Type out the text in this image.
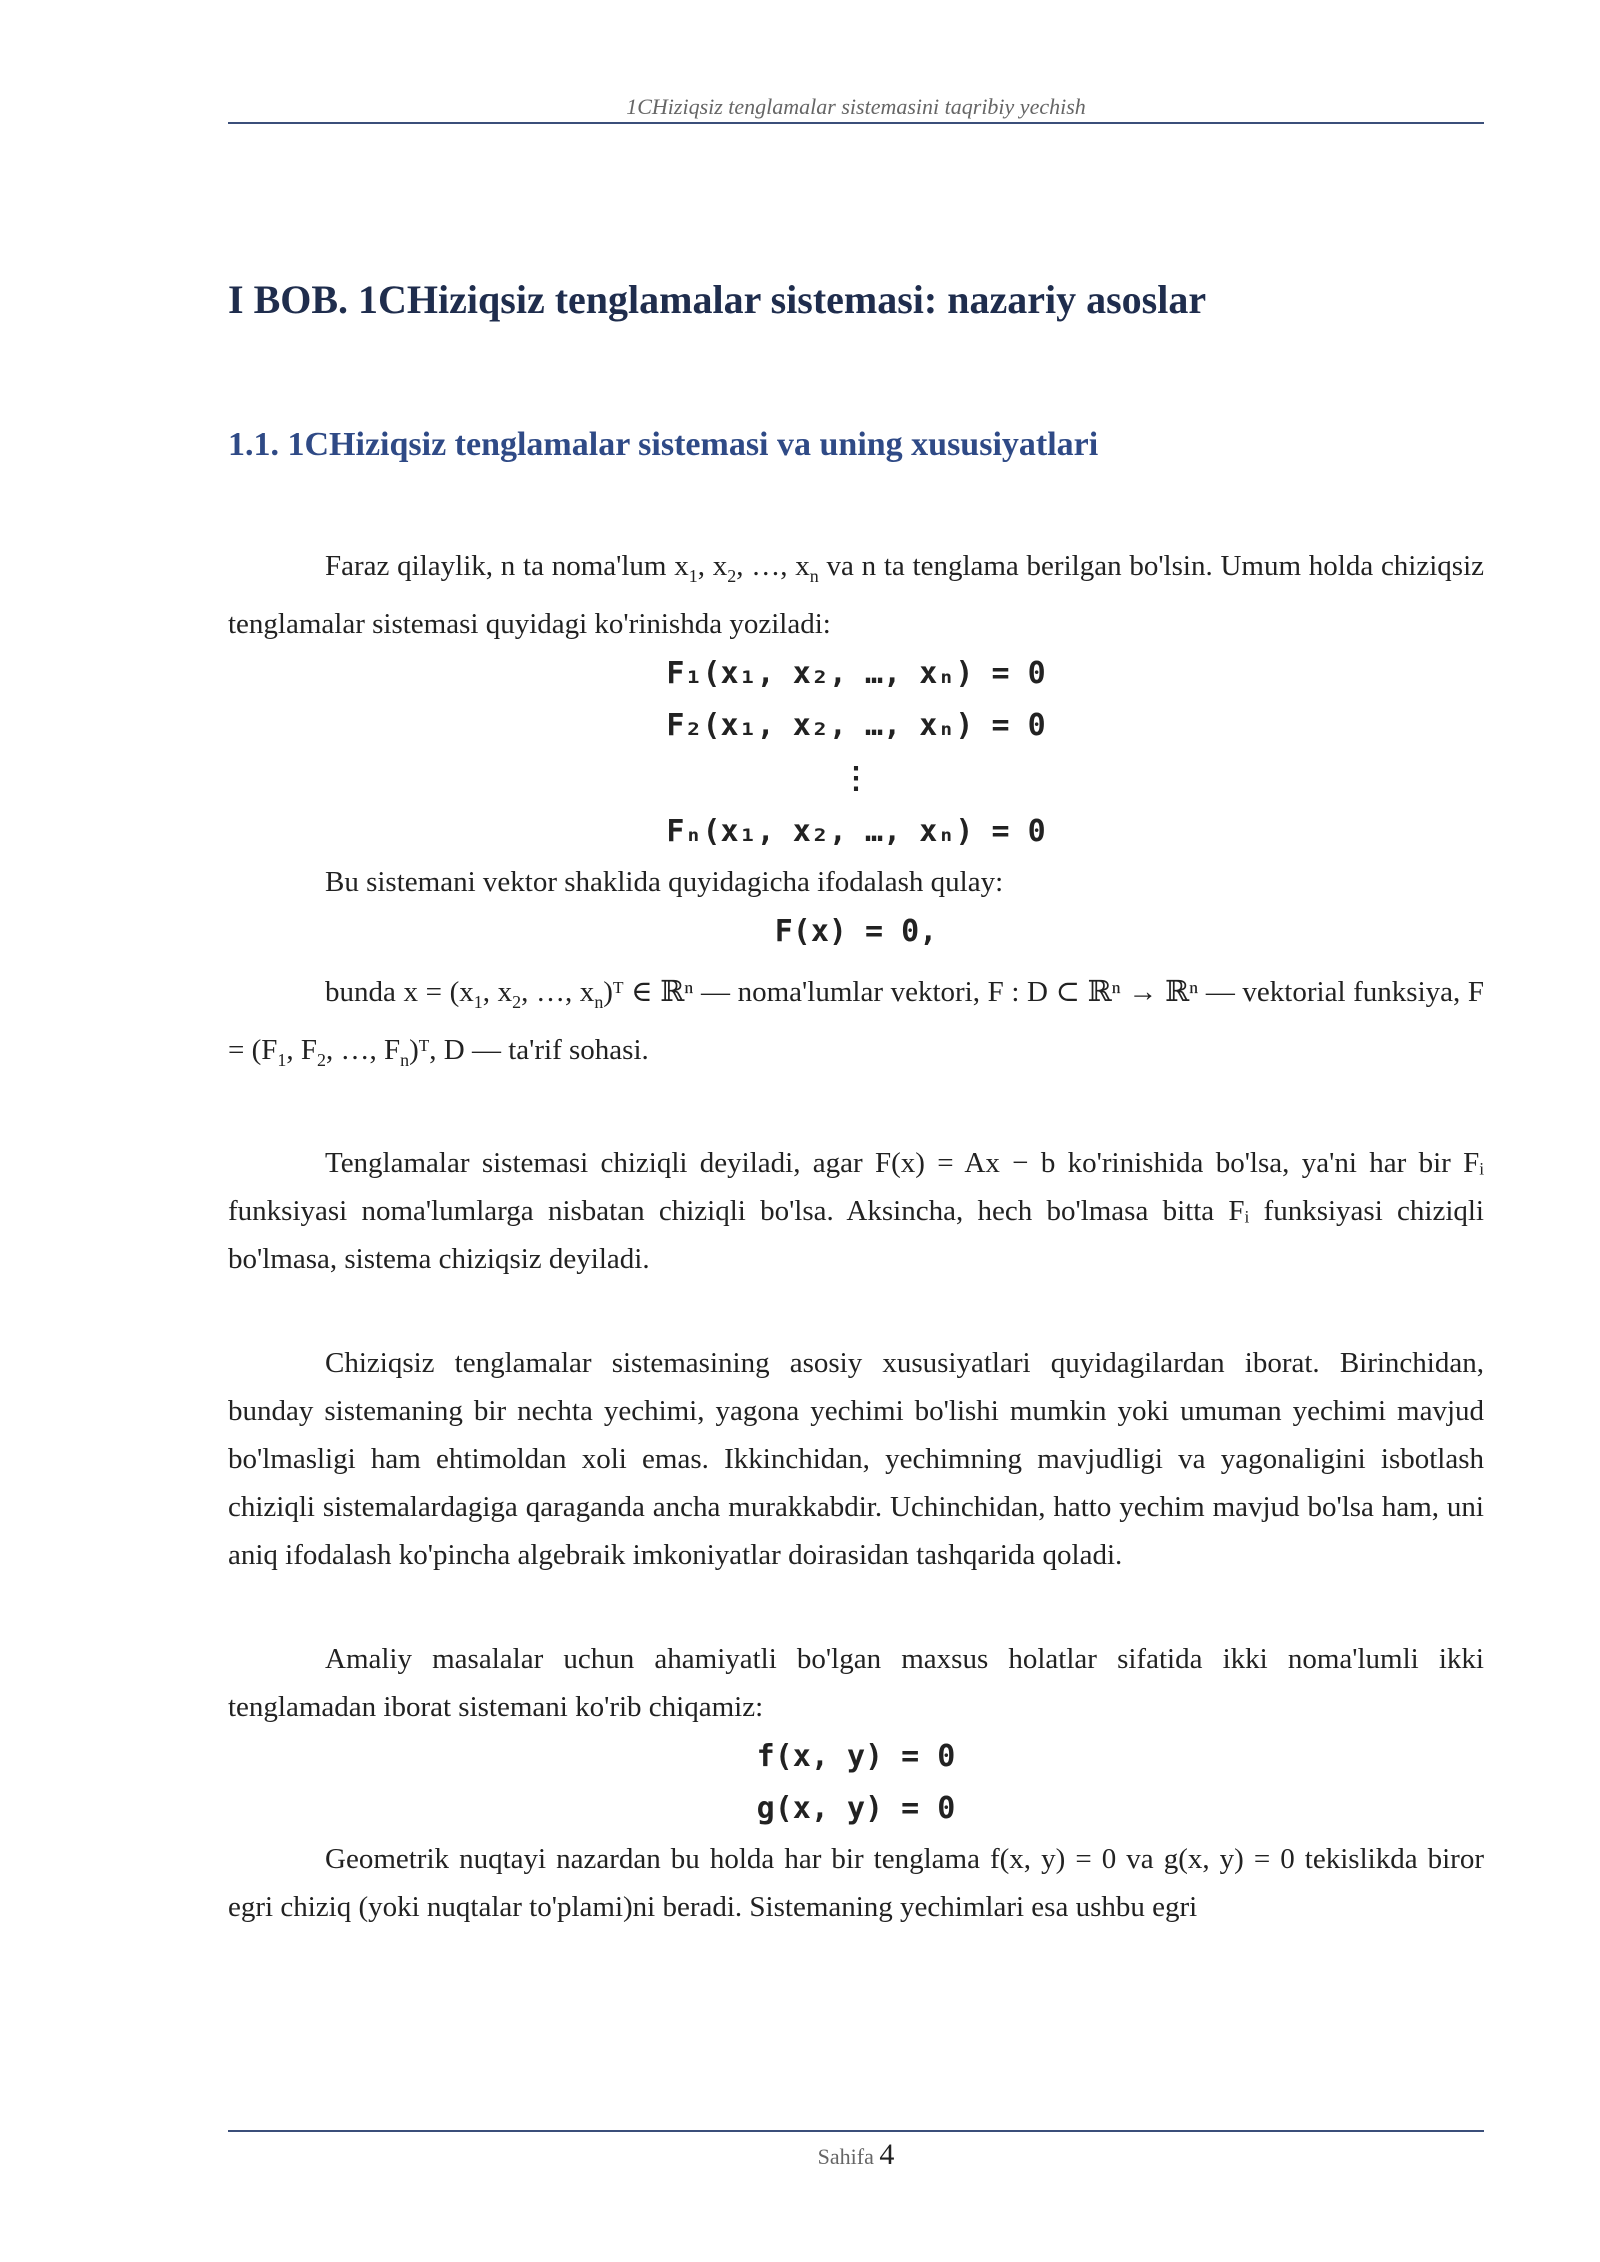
1CHiziqsiz tenglamalar sistemasini taqribiy yechish
I BOB. 1CHiziqsiz tenglamalar sistemasi: nazariy asoslar
1.1. 1CHiziqsiz tenglamalar sistemasi va uning xususiyatlari

Faraz qilaylik, n ta noma'lum $x_1$, $x_2$, …, $x_n$ va n ta tenglama berilgan bo'lsin. Umum holda chiziqsiz tenglamalar sistemasi quyidagi ko'rinishda yoziladi:

F₁(x₁, x₂, …, xₙ) = 0
F₂(x₁, x₂, …, xₙ) = 0
⋮
Fₙ(x₁, x₂, …, xₙ) = 0

Bu sistemani vektor shaklida quyidagicha ifodalash qulay:

F(x) = 0,

bunda $x = (x_1$, $x_2$, …, $x_n)ᵀ$ ∈ ℝⁿ — noma'lumlar vektori, F : D ⊂ ℝⁿ → ℝⁿ — vektorial funksiya, $F = (F_1$, $F_2$, …, $F_n)ᵀ$, D — ta'rif sohasi.

Tenglamalar sistemasi chiziqli deyiladi, agar F(x) = Ax − b ko'rinishida bo'lsa, ya'ni har bir Fᵢ funksiyasi noma'lumlarga nisbatan chiziqli bo'lsa. Aksincha, hech bo'lmasa bitta Fᵢ funksiyasi chiziqli bo'lmasa, sistema chiziqsiz deyiladi.

Chiziqsiz tenglamalar sistemasining asosiy xususiyatlari quyidagilardan iborat. Birinchidan, bunday sistemaning bir nechta yechimi, yagona yechimi bo'lishi mumkin yoki umuman yechimi mavjud bo'lmasligi ham ehtimoldan xoli emas. Ikkinchidan, yechimning mavjudligi va yagonaligini isbotlash chiziqli sistemalardagiga qaraganda ancha murakkabdir. Uchinchidan, hatto yechim mavjud bo'lsa ham, uni aniq ifodalash ko'pincha algebraik imkoniyatlar doirasidan tashqarida qoladi.

Amaliy masalalar uchun ahamiyatli bo'lgan maxsus holatlar sifatida ikki noma'lumli ikki tenglamadan iborat sistemani ko'rib chiqamiz:

f(x, y) = 0
g(x, y) = 0

Geometrik nuqtayi nazardan bu holda har bir tenglama f(x, y) = 0 va g(x, y) = 0 tekislikda biror egri chiziq (yoki nuqtalar to'plami)ni beradi. Sistemaning yechimlari esa ushbu egri

Sahifa 4
